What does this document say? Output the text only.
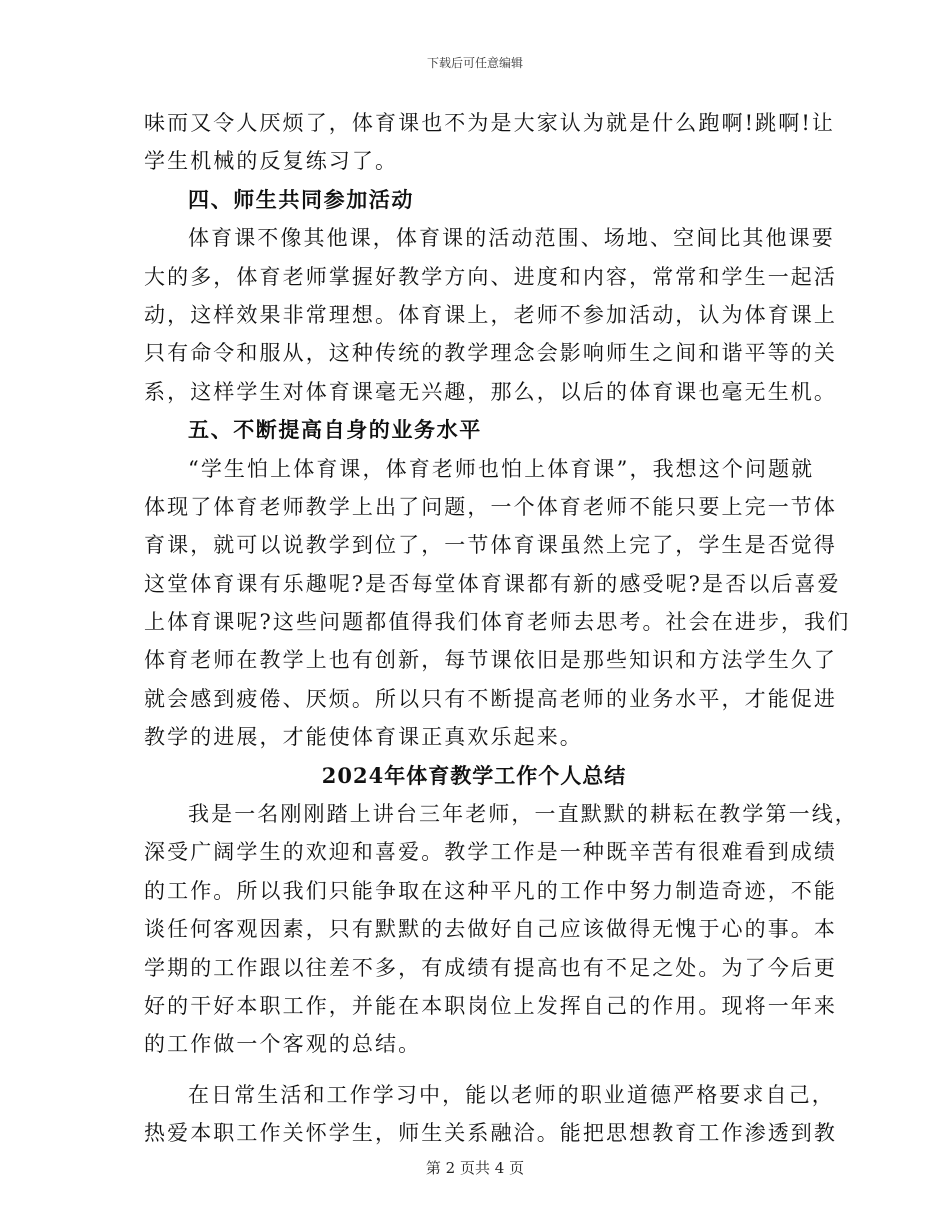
下载后可任意编辑
味而又令人厌烦了，体育课也不为是大家认为就是什么跑啊!跳啊!让
学生机械的反复练习了。
四、师生共同参加活动
体育课不像其他课，体育课的活动范围、场地、空间比其他课要
大的多，体育老师掌握好教学方向、进度和内容，常常和学生一起活
动，这样效果非常理想。体育课上，老师不参加活动，认为体育课上
只有命令和服从，这种传统的教学理念会影响师生之间和谐平等的关
系，这样学生对体育课毫无兴趣，那么，以后的体育课也毫无生机。
五、不断提高自身的业务水平
“学生怕上体育课，体育老师也怕上体育课”，我想这个问题就
体现了体育老师教学上出了问题，一个体育老师不能只要上完一节体
育课，就可以说教学到位了，一节体育课虽然上完了，学生是否觉得
这堂体育课有乐趣呢?是否每堂体育课都有新的感受呢?是否以后喜爱
上体育课呢?这些问题都值得我们体育老师去思考。社会在进步，我们
体育老师在教学上也有创新，每节课依旧是那些知识和方法学生久了
就会感到疲倦、厌烦。所以只有不断提高老师的业务水平，才能促进
教学的进展，才能使体育课正真欢乐起来。
2024年体育教学工作个人总结
我是一名刚刚踏上讲台三年老师，一直默默的耕耘在教学第一线，
深受广阔学生的欢迎和喜爱。教学工作是一种既辛苦有很难看到成绩
的工作。所以我们只能争取在这种平凡的工作中努力制造奇迹，不能
谈任何客观因素，只有默默的去做好自己应该做得无愧于心的事。本
学期的工作跟以往差不多，有成绩有提高也有不足之处。为了今后更
好的干好本职工作，并能在本职岗位上发挥自己的作用。现将一年来
的工作做一个客观的总结。
在日常生活和工作学习中，能以老师的职业道德严格要求自己，
热爱本职工作关怀学生，师生关系融洽。能把思想教育工作渗透到教
第 2 页共 4 页
